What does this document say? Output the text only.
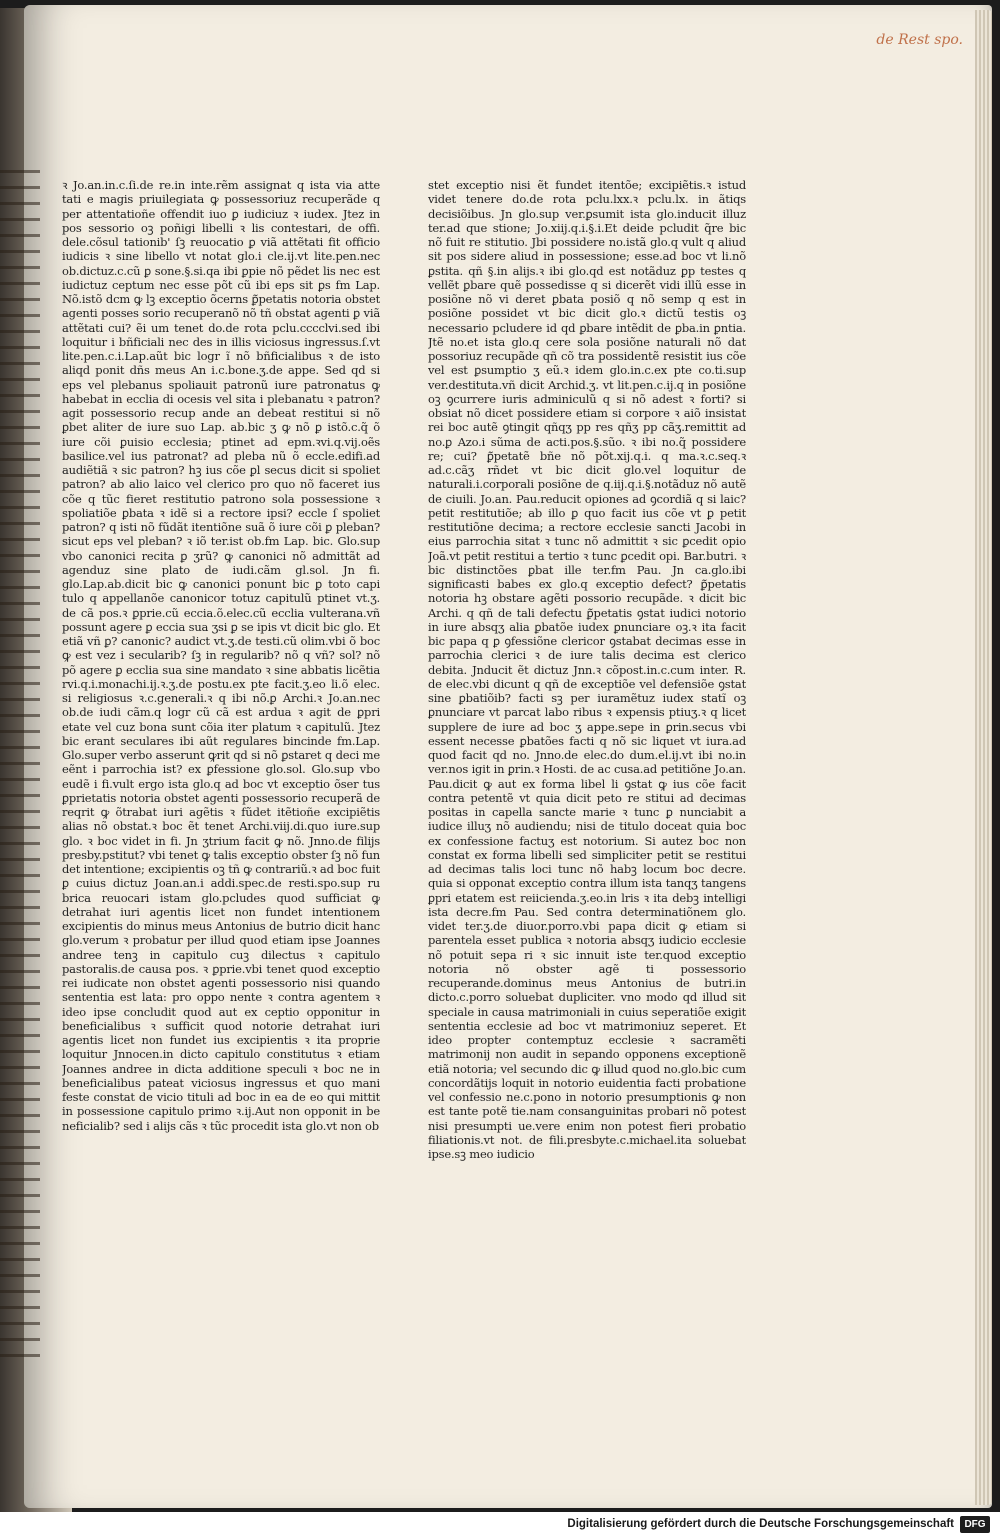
de Rest spo.

ꝛ Jo.an.in.c.ſi.de re.in inte.rẽm assignat q ista via atte tati e magis priuilegiata ꝙ possessoriuz recuperãde q per attentatioñe offendit iuo ꝑ iudiciuz ꝛ iudex. Jtez in pos sessorio oꝫ poñigi libelli ꝛ lis contestari, de offi. dele.cõsul tationib' ſꝫ reuocatio ꝑ viã attẽtati fit officio iudicis ꝛ sine libello vt notat glo.i cle.ij.vt lite.pen.nec ob.dictuz.c.cũ ꝑ sone.§.si.qa ibi ꝑpie nõ pẽdet lis nec est iudictuz ceptum nec esse põt cũ ibi eps sit ꝑs fm Lap. Nõ.istõ dcm ꝙ lꝫ exceptio õcerns ꝑ̃petatis notoria obstet agenti posses sorio recuperanõ nõ tñ obstat agenti ꝑ viã attẽtati cui? ẽi um tenet do.de rota pclu.cccclvi.sed ibi loquitur i bñficiali nec des in illis viciosus ingressus.ſ.vt lite.pen.c.i.Lap.aũt bic logr ĩ nõ bñficialibus ꝛ de isto aliqd ponit dñs meus An i.c.bone.ʒ.de appe. Sed qd si eps vel plebanus spoliauit patronũ iure patronatus ꝙ habebat in ecclia di ocesis vel sita i plebanatu ꝛ patron? agit possessorio recup ande an debeat restitui si nõ ꝑbet aliter de iure suo Lap. ab.bic ʒ ꝙ nõ ꝑ istõ.c.q̃ õ iure cõi ꝑuisio ecclesia; ptinet ad epm.ꝛvi.q.vij.oẽs basilice.vel ius patronat? ad pleba nũ õ eccle.edifi.ad audiẽtiã ꝛ sic patron? hꝫ ius cõe ꝑl secus dicit si spoliet patron? ab alio laico vel clerico pro quo nõ faceret ius cõe q tũc fieret restitutio patrono sola possessione ꝛ spoliatiõe ꝑbata ꝛ idẽ si a rectore ipsi? eccle ſ spoliet patron? q isti nõ fũdãt itentiõne suã õ iure cõi ꝑ pleban? sicut eps vel pleban? ꝛ iõ ter.ist ob.fm Lap. bic. Glo.sup vbo canonici recita ꝑ ʒrũ? ꝙ canonici nõ admittãt ad agenduz sine plato de iudi.cãm gl.sol. Jn fi. glo.Lap.ab.dicit bic ꝙ canonici ponunt bic ꝑ toto capi tulo q appellanõe canonicor totuz capitulũ ptinet vt.ʒ. de cã pos.ꝛ ꝑprie.cũ eccia.õ.elec.cũ ecclia vulterana.vñ possunt agere ꝑ eccia sua ʒsi ꝑ se ipis vt dicit bic glo. Et etiã vñ ꝑ? canonic? audict vt.ʒ.de testi.cũ olim.vbi õ boc ꝙ est vez i secularib? ſꝫ in regularib? nõ q vñ? sol? nõ põ agere ꝑ ecclia sua sine mandato ꝛ sine abbatis licẽtia rvi.q.i.monachi.ij.ꝛ.ʒ.de postu.ex pte facit.ʒ.eo li.õ elec. si religiosus ꝛ.c.generali.ꝛ q ibi nõ.ꝑ Archi.ꝛ Jo.an.nec ob.de iudi cãm.q logr cũ cã est ardua ꝛ agit de ꝑpri etate vel cuz bona sunt cõia iter platum ꝛ capitulũ. Jtez bic erant seculares ibi aũt regulares bincinde fm.Lap. Glo.super verbo asserunt ꝙrit qd si nõ ꝑstaret q deci me eẽnt i parrochia ist? ex ꝑfessione glo.sol. Glo.sup vbo eudẽ i fi.vult ergo ista glo.q ad boc vt exceptio õser tus ꝑprietatis notoria obstet agenti possessorio recuperã de reqrit ꝙ õtrabat iuri agẽtis ꝛ fũdet itẽtioñe excipiẽtis alias nõ obstat.ꝛ boc ẽt tenet Archi.viij.di.quo iure.sup glo. ꝛ boc videt in fi. Jn ʒtrium facit ꝙ nõ. Jnno.de filijs presby.pstitut? vbi tenet ꝙ talis exceptio obster ſꝫ nõ fun det intentione; excipientis oꝫ tñ ꝙ contrariũ.ꝛ ad boc fuit ꝑ cuius dictuz Joan.an.i addi.spec.de resti.spo.sup ru brica reuocari istam glo.pcludes quod sufficiat ꝙ detrahat iuri agentis licet non fundet intentionem excipientis do minus meus Antonius de butrio dicit hanc glo.verum ꝛ probatur per illud quod etiam ipse Joannes andree tenꝫ in capitulo cuꝫ dilectus ꝛ capitulo pastoralis.de causa pos. ꝛ ꝑprie.vbi tenet quod exceptio rei iudicate non obstet agenti possessorio nisi quando sententia est lata: pro oppo nente ꝛ contra agentem ꝛ ideo ipse concludit quod aut ex ceptio opponitur in beneficialibus ꝛ sufficit quod notorie detrahat iuri agentis licet non fundet ius excipientis ꝛ ita proprie loquitur Jnnocen.in dicto capitulo constitutus ꝛ etiam Joannes andree in dicta additione speculi ꝛ boc ne in beneficialibus pateat viciosus ingressus et quo mani feste constat de vicio tituli ad boc in ea de eo qui mittit in possessione capitulo primo ꝛ.ij.Aut non opponit in be neficialib? sed i alijs cãs ꝛ tũc procedit ista glo.vt non ob

stet exceptio nisi ẽt fundet itentõe; excipiẽtis.ꝛ istud videt tenere do.de rota pclu.lxx.ꝛ pclu.lx. in ãtiqs decisiõibus. Jn glo.sup ver.ꝑsumit ista glo.inducit illuz ter.ad que stione; Jo.xiij.q.i.§.i.Et deide pcludit q̃re bic nõ fuit re stitutio. Jbi possidere no.istã glo.q vult q aliud sit pos sidere aliud in possessione; esse.ad boc vt li.nõ ꝑstita. qñ §.in alijs.ꝛ ibi glo.qd est notãduz ꝑp testes q vellẽt ꝑbare quẽ possedisse q si dicerẽt vidi illũ esse in posiõne nõ vi deret ꝑbata posiõ q nõ semp q est in posiõne possidet vt bic dicit glo.ꝛ dictũ testis oꝫ necessario pcludere id qd ꝑbare intẽdit de ꝑba.in ꝑntia. Jtẽ no.et ista glo.q cere sola posiõne naturali nõ dat possoriuz recupãde qñ cõ tra possidentẽ resistit ius cõe vel est ꝑsumptio ʒ eũ.ꝛ idem glo.in.c.ex pte co.ti.sup ver.destituta.vñ dicit Archid.ʒ. vt lit.pen.c.ij.q in posiõne oꝫ ꝯcurrere iuris adminiculũ q si nõ adest ꝛ forti? si obsiat nõ dicet possidere etiam si corpore ꝛ aiõ insistat rei boc autẽ ꝯtingit qñqʒ pp res qñʒ pp cãʒ.remittit ad no.ꝑ Azo.i sũma de acti.pos.§.sũo. ꝛ ibi no.q̃ possidere re; cui? ꝑ̃petatẽ bñe nõ põt.xij.q.i. q ma.ꝛ.c.seq.ꝛ ad.c.cãʒ rñdet vt bic dicit glo.vel loquitur de naturali.i.corporali posiõne de q.iij.q.i.§.notãduz nõ autẽ de ciuili. Jo.an. Pau.reducit opiones ad ꝯcordiã q si laic? petit restitutiõe; ab illo ꝑ quo facit ius cõe vt ꝑ petit restitutiõne decima; a rectore ecclesie sancti Jacobi in eius parrochia sitat ꝛ tunc nõ admittit ꝛ sic ꝑcedit opio Joã.vt petit restitui a tertio ꝛ tunc ꝑcedit opi. Bar.butri. ꝛ bic distinctões ꝑbat ille ter.fm Pau. Jn ca.glo.ibi significasti babes ex glo.q exceptio defect? ꝑ̃petatis notoria hꝫ obstare agẽti possorio recupãde. ꝛ dicit bic Archi. q qñ de tali defectu ꝑ̃petatis ꝯstat iudici notorio in iure absqʒ alia ꝑbatõe iudex ꝑnunciare oꝫ.ꝛ ita facit bic papa q ꝑ ꝯfessiõne clericor ꝯstabat decimas esse in parrochia clerici ꝛ de iure talis decima est clerico debita. Jnducit ẽt dictuz Jnn.ꝛ cõpost.in.c.cum inter. R. de elec.vbi dicunt q qñ de exceptiõe vel defensiõe ꝯstat sine ꝑbatiõib? facti sꝫ per iuramẽtuz iudex statĩ oꝫ ꝑnunciare vt parcat labo ribus ꝛ expensis ptiuʒ.ꝛ q licet supplere de iure ad boc ʒ appe.sepe in ꝑrin.secus vbi essent necesse ꝑbatões facti q nõ sic liquet vt iura.ad quod facit qd no. Jnno.de elec.do dum.el.ij.vt ibi no.in ver.nos igit in ꝑrin.ꝛ Hosti. de ac cusa.ad petitiõne Jo.an. Pau.dicit ꝙ aut ex forma libel li ꝯstat ꝙ ius cõe facit contra petentẽ vt quia dicit peto re stitui ad decimas positas in capella sancte marie ꝛ tunc ꝑ nunciabit a iudice illuʒ nõ audiendu; nisi de titulo doceat quia boc ex confessione factuʒ est notorium. Si autez boc non constat ex forma libelli sed simpliciter petit se restitui ad decimas talis loci tunc nõ habꝫ locum boc decre. quia si opponat exceptio contra illum ista tanqʒ tangens ꝑpri etatem est reiicienda.ʒ.eo.in lris ꝛ ita debꝫ intelligi ista decre.fm Pau. Sed contra determinatiõnem glo. videt ter.ʒ.de diuor.porro.vbi papa dicit ꝙ etiam si parentela esset publica ꝛ notoria absqʒ iudicio ecclesie nõ potuit sepa ri ꝛ sic innuit iste ter.quod exceptio notoria nõ obster agẽ ti possessorio recuperande.dominus meus Antonius de butri.in dicto.c.porro soluebat dupliciter. vno modo qd illud sit speciale in causa matrimoniali in cuius seperatiõe exigit sententia ecclesie ad boc vt matrimoniuz seperet. Et ideo propter contemptuz ecclesie ꝛ sacramẽti matrimonij non audit in sepando opponens exceptionẽ etiã notoria; vel secundo dic ꝙ illud quod no.glo.bic cum concordãtijs loquit in notorio euidentia facti probatione vel confessio ne.c.pono in notorio presumptionis ꝙ non est tante potẽ tie.nam consanguinitas probari nõ potest nisi presumpti ue.vere enim non potest fieri probatio filiationis.vt not. de fili.presbyte.c.michael.ita soluebat ipse.sꝫ meo iudicio

Digitalisierung gefördert durch die Deutsche Forschungsgemeinschaft	DFG
